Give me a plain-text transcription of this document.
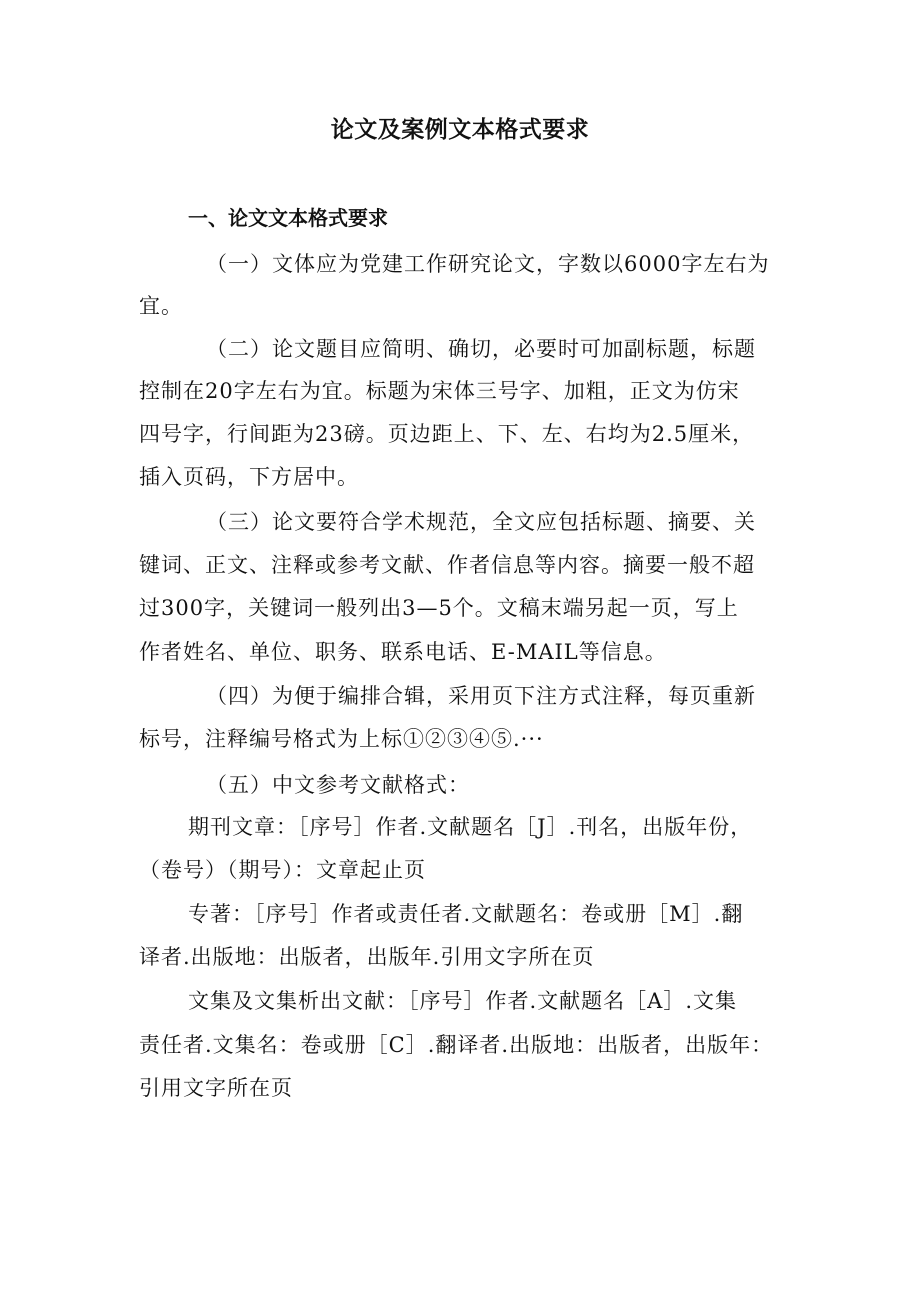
论文及案例文本格式要求
一、论文文本格式要求
（一）文体应为党建工作研究论文，字数以6000字左右为
宜。
（二）论文题目应简明、确切，必要时可加副标题，标题
控制在20字左右为宜。标题为宋体三号字、加粗，正文为仿宋
四号字，行间距为23磅。页边距上、下、左、右均为2.5厘米，
插入页码，下方居中。
（三）论文要符合学术规范，全文应包括标题、摘要、关
键词、正文、注释或参考文献、作者信息等内容。摘要一般不超
过300字，关键词一般列出3—5个。文稿末端另起一页，写上
作者姓名、单位、职务、联系电话、E-MAIL等信息。
（四）为便于编排合辑，采用页下注方式注释，每页重新
标号，注释编号格式为上标①②③④⑤.···
（五）中文参考文献格式：
期刊文章：［序号］作者.文献题名［J］.刊名，出版年份，
（卷号）（期号）：文章起止页
专著：［序号］作者或责任者.文献题名：卷或册［M］.翻
译者.出版地：出版者，出版年.引用文字所在页
文集及文集析出文献：［序号］作者.文献题名［A］.文集
责任者.文集名：卷或册［C］.翻译者.出版地：出版者，出版年：
引用文字所在页
